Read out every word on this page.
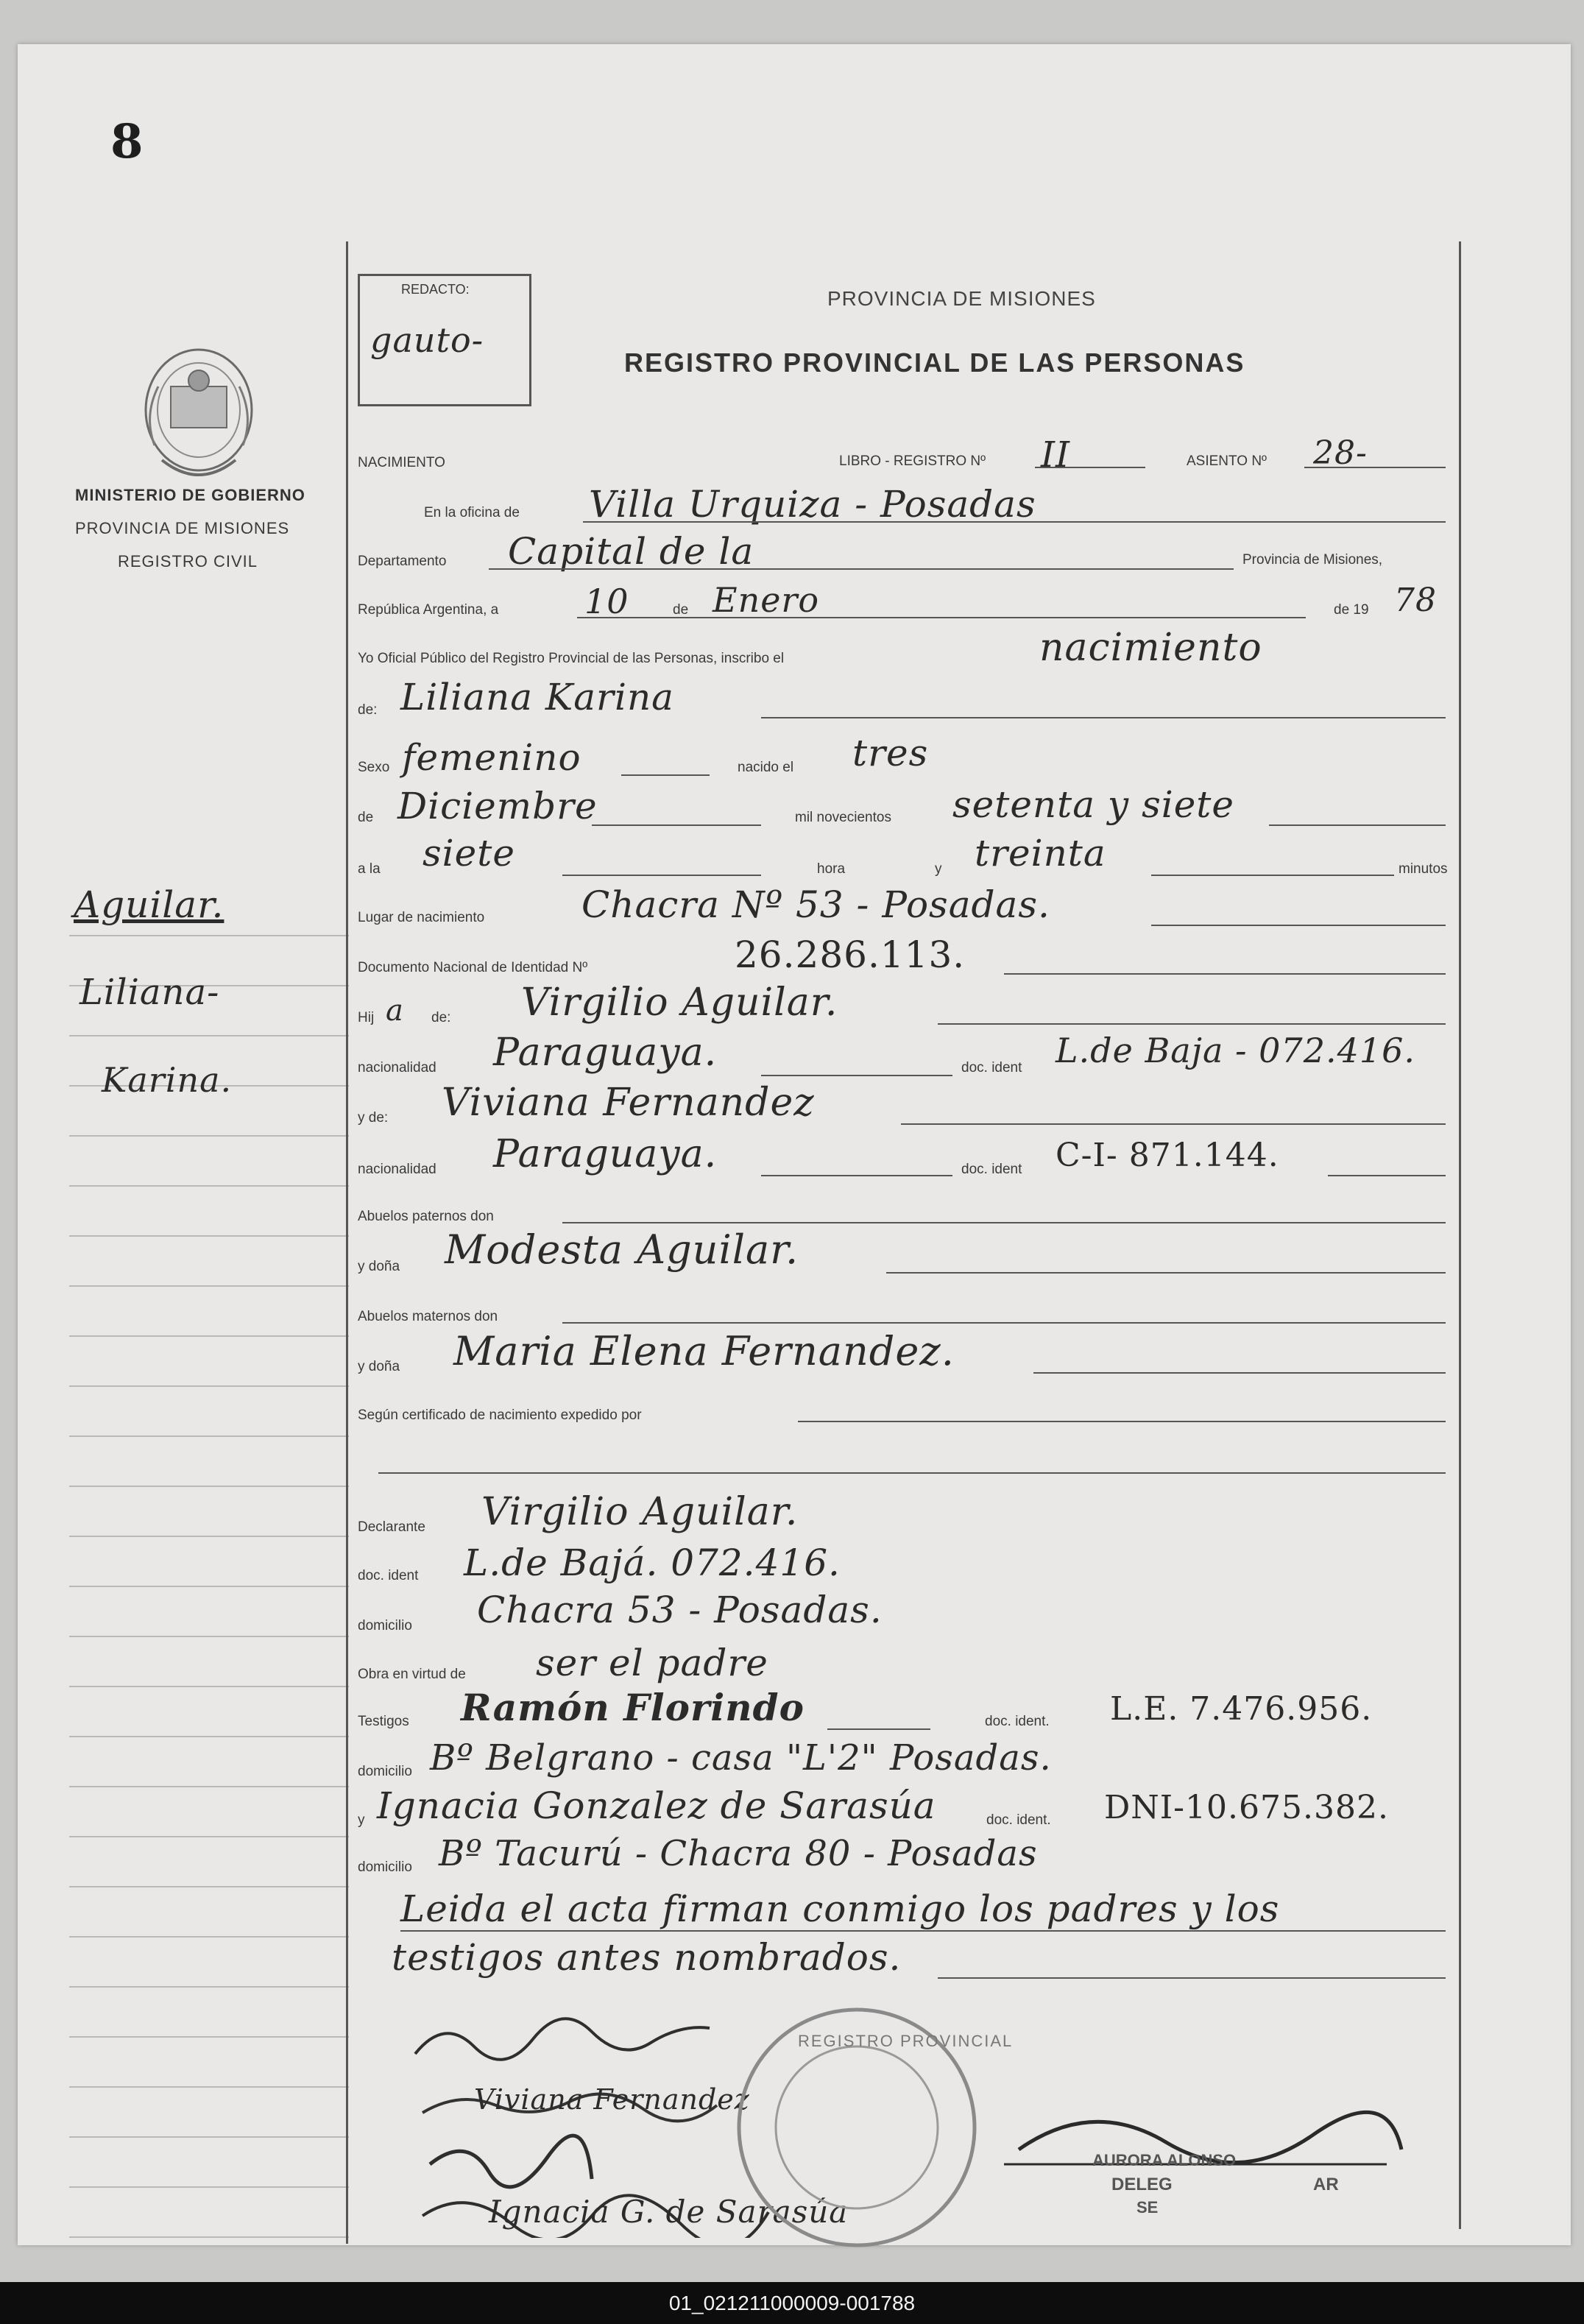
8
MINISTERIO DE GOBIERNO
PROVINCIA DE MISIONES
REGISTRO CIVIL
Aguilar.
Liliana-
Karina.
REDACTO:
gauto-
PROVINCIA DE MISIONES
REGISTRO PROVINCIAL DE LAS PERSONAS
NACIMIENTO	LIBRO - REGISTRO Nº II	ASIENTO Nº 28-
En la oficina de Villa Urquiza - Posadas
Departamento Capital de la	Provincia de Misiones,
República Argentina, a	10	de Enero	de 19 78
Yo Oficial Público del Registro Provincial de las Personas, inscribo el	nacimiento
de: Liliana Karina
Sexo femenino	nacido el tres
de Diciembre	mil novecientos setenta y siete
a la siete	hora	y treinta	minutos
Lugar de nacimiento	Chacra Nº 53 - Posadas.
Documento Nacional de Identidad Nº	26.286.113.
Hij a de: Virgilio Aguilar.
nacionalidad Paraguaya.	doc. ident L.de Baja - 072.416.
y de: Viviana Fernandez
nacionalidad Paraguaya.	doc. ident C-I- 871.144.
Abuelos paternos don
y doña Modesta Aguilar.
Abuelos maternos don
y doña Maria Elena Fernandez.
Según certificado de nacimiento expedido por
Declarante Virgilio Aguilar.
doc. ident L.de Bajá. 072.416.
domicilio Chacra 53 - Posadas.
Obra en virtud de ser el padre
Testigos Ramón Florindo	doc. ident. L.E. 7.476.956.
domicilio Bº Belgrano - casa "L'2" Posadas.
y Ignacia Gonzalez de Sarasúa	doc. ident. DNI-10.675.382.
domicilio Bº Tacurú - Chacra 80 - Posadas
Leida el acta firman conmigo los padres y los
testigos antes nombrados.
Viviana Fernandez
Ignacia G. de Sarasúa
REGISTRO PROVINCIAL
AURORA ALONSO
DELEG	AR
SE
01_021211000009-001788
